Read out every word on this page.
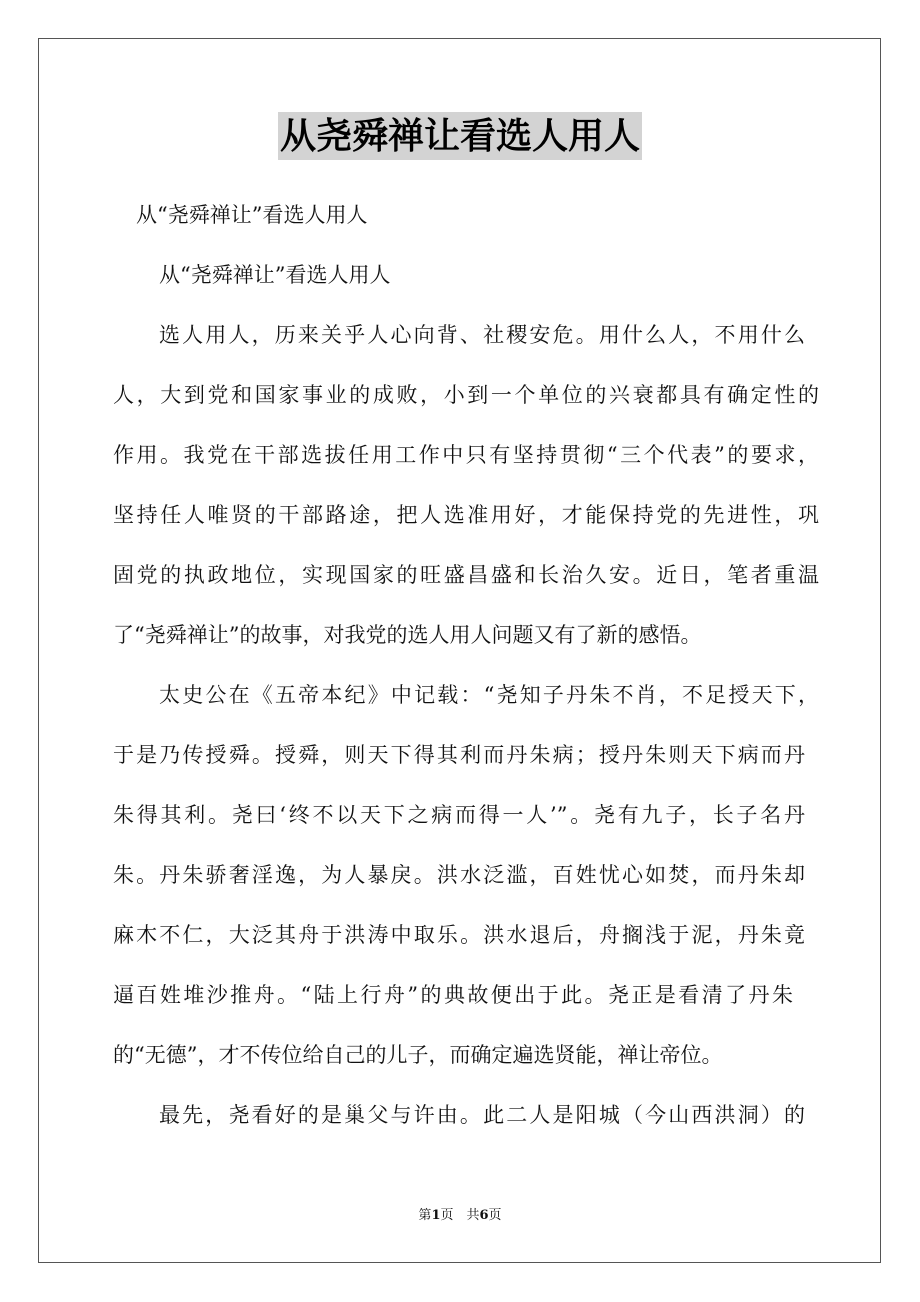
从尧舜禅让看选人用人
从“尧舜禅让”看选人用人
从“尧舜禅让”看选人用人
选人用人，历来关乎人心向背、社稷安危。用什么人，不用什么
人，大到党和国家事业的成败，小到一个单位的兴衰都具有确定性的
作用。我党在干部选拔任用工作中只有坚持贯彻“三个代表”的要求，
坚持任人唯贤的干部路途，把人选准用好，才能保持党的先进性，巩
固党的执政地位，实现国家的旺盛昌盛和长治久安。近日，笔者重温
了“尧舜禅让”的故事，对我党的选人用人问题又有了新的感悟。
太史公在《五帝本纪》中记载：“尧知子丹朱不肖，不足授天下，
于是乃传授舜。授舜，则天下得其利而丹朱病；授丹朱则天下病而丹
朱得其利。尧曰‘终不以天下之病而得一人’”。尧有九子，长子名丹
朱。丹朱骄奢淫逸，为人暴戾。洪水泛滥，百姓忧心如焚，而丹朱却
麻木不仁，大泛其舟于洪涛中取乐。洪水退后，舟搁浅于泥，丹朱竟
逼百姓堆沙推舟。“陆上行舟”的典故便出于此。尧正是看清了丹朱
的“无德”，才不传位给自己的儿子，而确定遍选贤能，禅让帝位。
最先，尧看好的是巢父与许由。此二人是阳城（今山西洪洞）的
第1页　共6页
